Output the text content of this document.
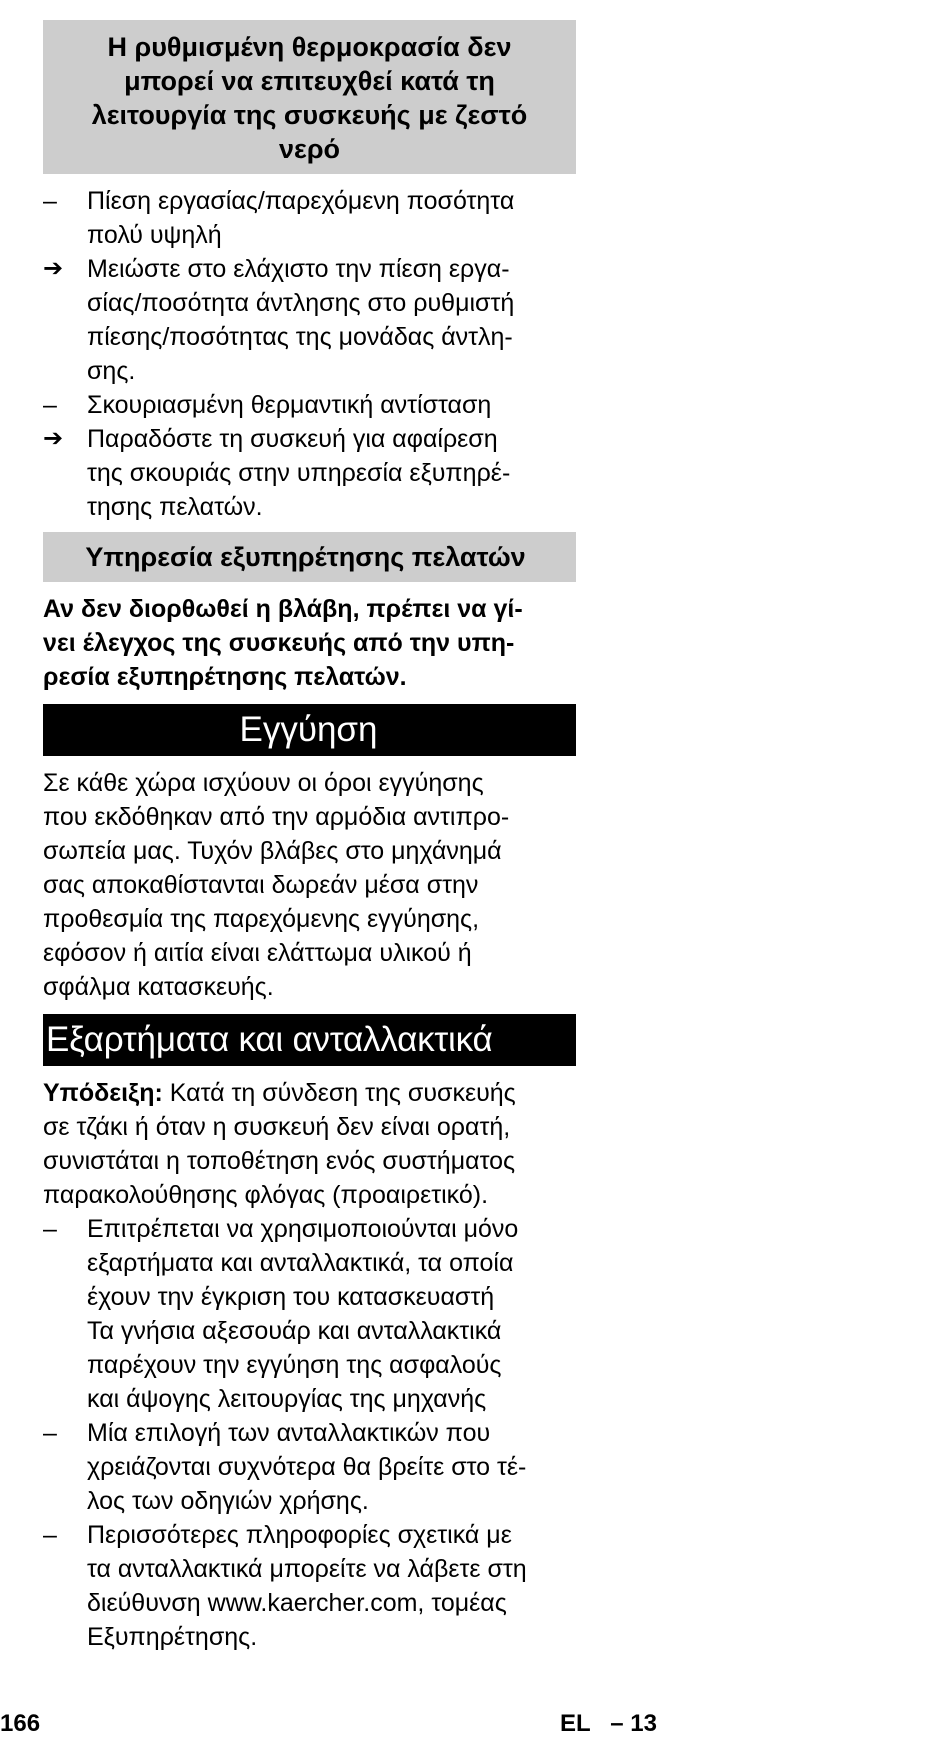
Η ρυθμισμένη θερμοκρασία δεν
μπορεί να επιτευχθεί κατά τη
λειτουργία της συσκευής με ζεστό
νερό
–	Πίεση εργασίας/παρεχόμενη ποσότητα
πολύ υψηλή
➔ Μειώστε στο ελάχιστο την πίεση εργα-
σίας/ποσότητα άντλησης στο ρυθμιστή
πίεσης/ποσότητας της μονάδας άντλη-
σης.
–	Σκουριασμένη θερμαντική αντίσταση
➔ Παραδόστε τη συσκευή για αφαίρεση
της σκουριάς στην υπηρεσία εξυπηρέ-
τησης πελατών.
Υπηρεσία εξυπηρέτησης πελατών
Αν δεν διορθωθεί η βλάβη, πρέπει να γί-
νει έλεγχος της συσκευής από την υπη-
ρεσία εξυπηρέτησης πελατών.
Εγγύηση
Σε κάθε χώρα ισχύουν οι όροι εγγύησης
που εκδόθηκαν από την αρμόδια αντιπρο-
σωπεία μας. Τυχόν βλάβες στο μηχάνημά
σας αποκαθίστανται δωρεάν μέσα στην
προθεσμία της παρεχόμενης εγγύησης,
εφόσον ή αιτία είναι ελάττωμα υλικού ή
σφάλμα κατασκευής.
Εξαρτήματα και ανταλλακτικά
Υπόδειξη: Κατά τη σύνδεση της συσκευής
σε τζάκι ή όταν η συσκευή δεν είναι ορατή,
συνιστάται η τοποθέτηση ενός συστήματος
παρακολούθησης φλόγας (προαιρετικό).
–	Επιτρέπεται να χρησιμοποιούνται μόνο
εξαρτήματα και ανταλλακτικά, τα οποία
έχουν την έγκριση του κατασκευαστή
Τα γνήσια αξεσουάρ και ανταλλακτικά
παρέχουν την εγγύηση της ασφαλούς
και άψογης λειτουργίας της μηχανής
–	Μία επιλογή των ανταλλακτικών που
χρειάζονται συχνότερα θα βρείτε στο τέ-
λος των οδηγιών χρήσης.
–	Περισσότερες πληροφορίες σχετικά με
τα ανταλλακτικά μπορείτε να λάβετε στη
διεύθυνση www.kaercher.com, τομέας
Εξυπηρέτησης.
166	EL   – 13
